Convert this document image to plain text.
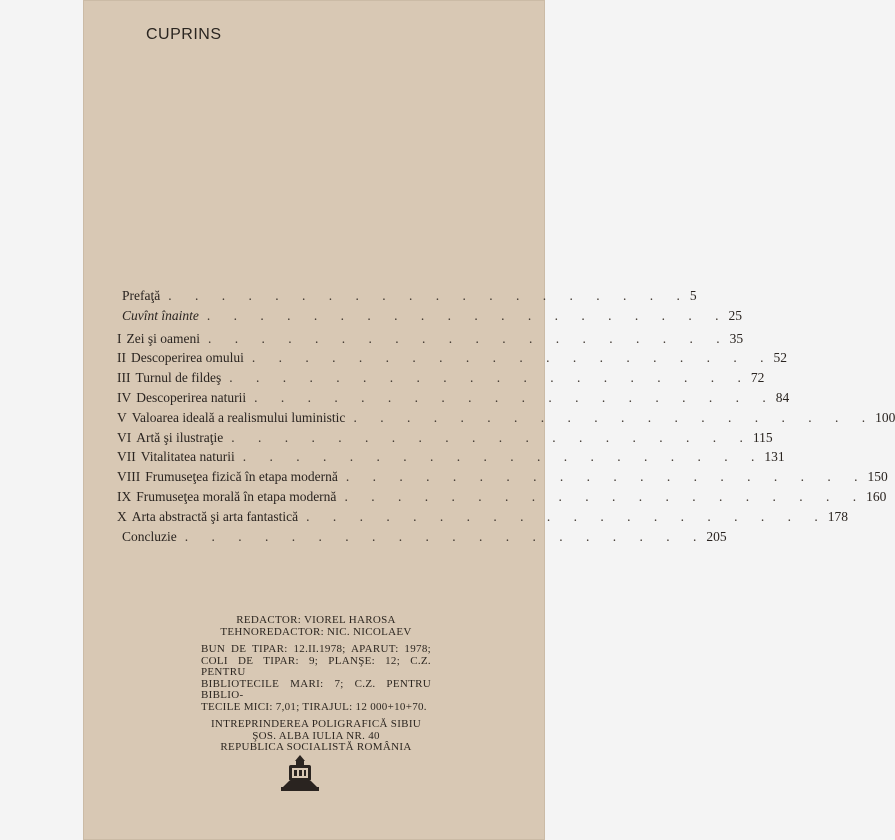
CUPRINS
Prefaţă . . . . . . . . . . . . . . . . . . . . 5
Cuvînt înainte . . . . . . . . . . . . . . . . . . . . 25
I Zei şi oameni . . . . . . . . . . . . . . . . . . . . 35
II Descoperirea omului . . . . . . . . . . . . . . . . . . . . 52
III Turnul de fildeş . . . . . . . . . . . . . . . . . . . . 72
IV Descoperirea naturii . . . . . . . . . . . . . . . . . . . . 84
V Valoarea ideală a realismului luministic . . . . . . . . . . . . . . . . . . . . 100
VI Artă şi ilustraţie . . . . . . . . . . . . . . . . . . . . 115
VII Vitalitatea naturii . . . . . . . . . . . . . . . . . . . . 131
VIII Frumuseţea fizică în etapa modernă . . . . . . . . . . . . . . . . . . . . 150
IX Frumuseţea morală în etapa modernă . . . . . . . . . . . . . . . . . . . . 160
X Arta abstractă şi arta fantastică . . . . . . . . . . . . . . . . . . . . 178
Concluzie . . . . . . . . . . . . . . . . . . . . 205
REDACTOR: VIOREL HAROSA
TEHNOREDACTOR: NIC. NICOLAEV
BUN DE TIPAR: 12.II.1978; APARUT: 1978;
COLI DE TIPAR: 9; PLANŞE: 12; C.Z. PENTRU
BIBLIOTECILE MARI: 7; C.Z. PENTRU BIBLIO-
TECILE MICI: 7,01; TIRAJUL: 12 000+10+70.
INTREPRINDEREA POLIGRAFICĂ SIBIU
ŞOS. ALBA IULIA NR. 40
REPUBLICA SOCIALISTĂ ROMÂNIA
